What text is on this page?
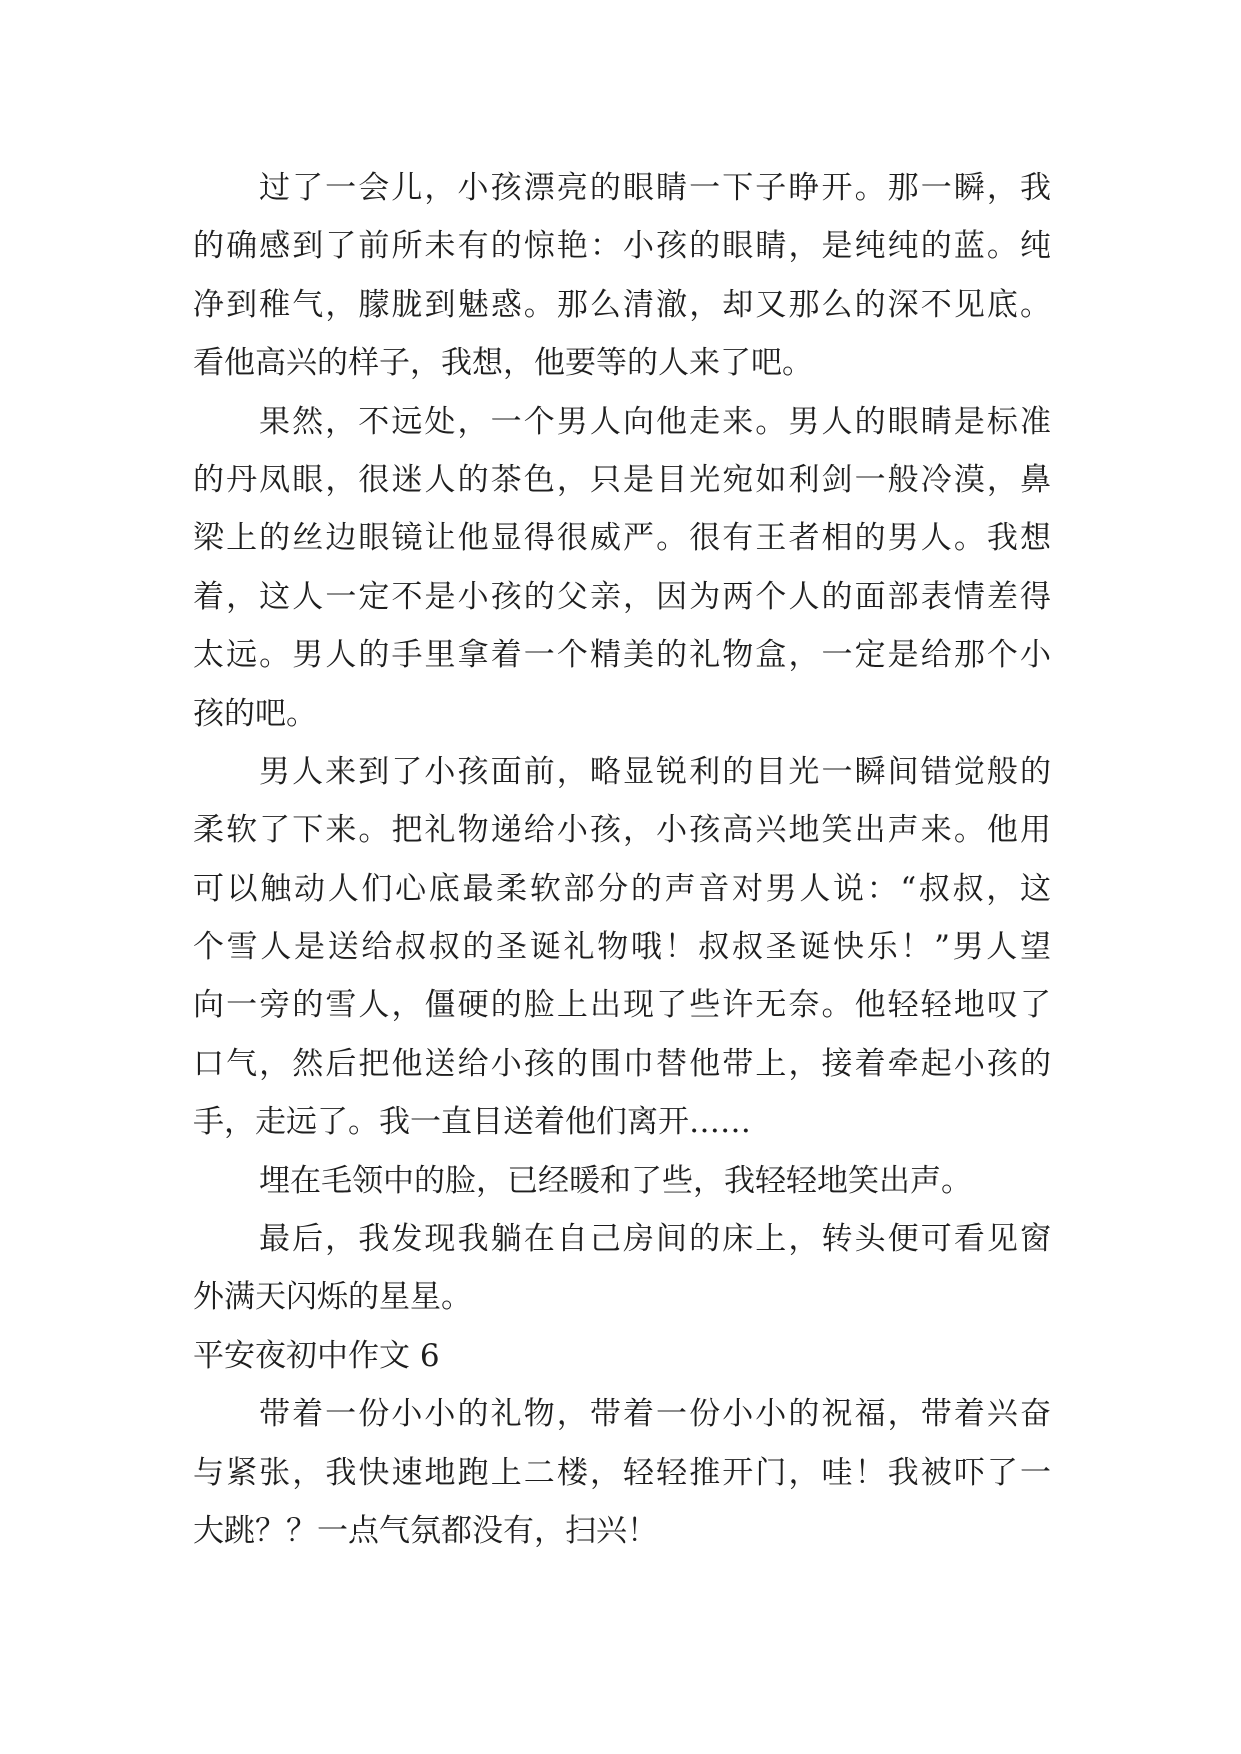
过了一会儿，小孩漂亮的眼睛一下子睁开。那一瞬，我
的确感到了前所未有的惊艳：小孩的眼睛，是纯纯的蓝。纯
净到稚气，朦胧到魅惑。那么清澈，却又那么的深不见底。
看他高兴的样子，我想，他要等的人来了吧。
果然，不远处，一个男人向他走来。男人的眼睛是标准
的丹凤眼，很迷人的茶色，只是目光宛如利剑一般冷漠，鼻
梁上的丝边眼镜让他显得很威严。很有王者相的男人。我想
着，这人一定不是小孩的父亲，因为两个人的面部表情差得
太远。男人的手里拿着一个精美的礼物盒，一定是给那个小
孩的吧。
男人来到了小孩面前，略显锐利的目光一瞬间错觉般的
柔软了下来。把礼物递给小孩，小孩高兴地笑出声来。他用
可以触动人们心底最柔软部分的声音对男人说：“叔叔，这
个雪人是送给叔叔的圣诞礼物哦！叔叔圣诞快乐！”男人望
向一旁的雪人，僵硬的脸上出现了些许无奈。他轻轻地叹了
口气，然后把他送给小孩的围巾替他带上，接着牵起小孩的
手，走远了。我一直目送着他们离开……
埋在毛领中的脸，已经暖和了些，我轻轻地笑出声。
最后，我发现我躺在自己房间的床上，转头便可看见窗
外满天闪烁的星星。
平安夜初中作文 6
带着一份小小的礼物，带着一份小小的祝福，带着兴奋
与紧张，我快速地跑上二楼，轻轻推开门，哇！我被吓了一
大跳？？一点气氛都没有，扫兴！
